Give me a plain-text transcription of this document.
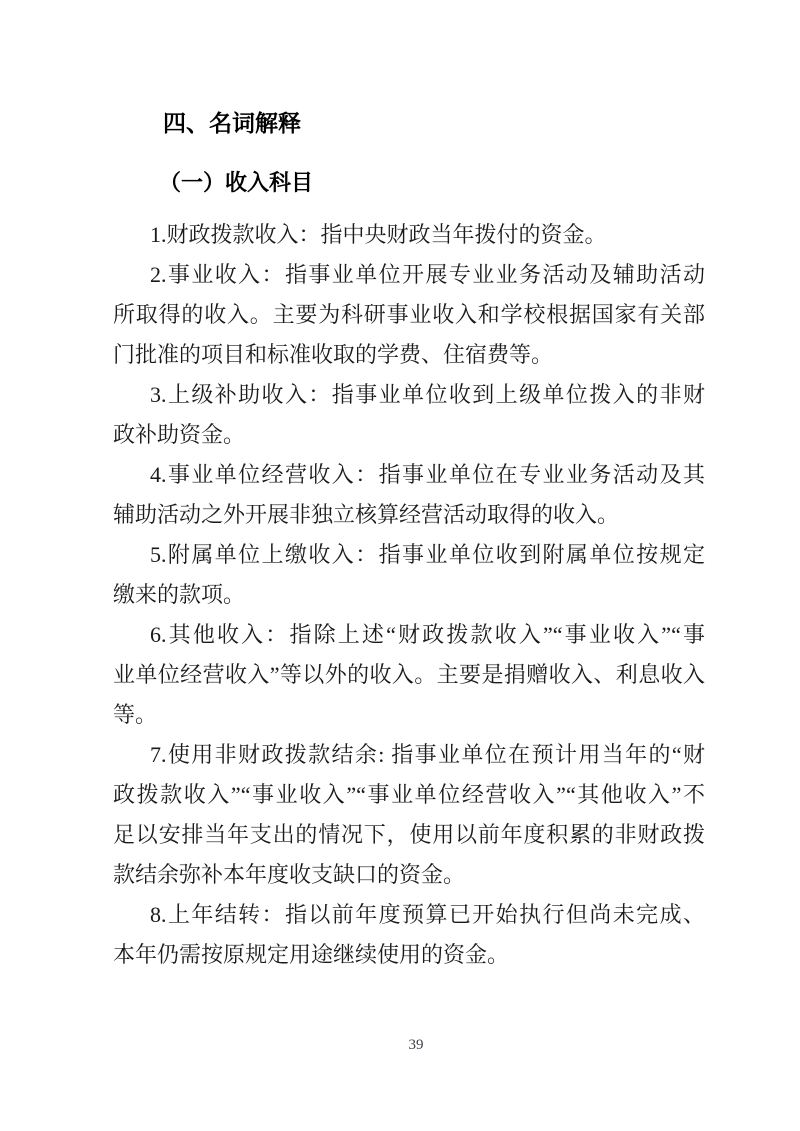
四、名词解释
（一）收入科目
1.财政拨款收入：指中央财政当年拨付的资金。
2.事业收入：指事业单位开展专业业务活动及辅助活动
所取得的收入。主要为科研事业收入和学校根据国家有关部
门批准的项目和标准收取的学费、住宿费等。
3.上级补助收入：指事业单位收到上级单位拨入的非财
政补助资金。
4.事业单位经营收入：指事业单位在专业业务活动及其
辅助活动之外开展非独立核算经营活动取得的收入。
5.附属单位上缴收入：指事业单位收到附属单位按规定
缴来的款项。
6.其他收入：指除上述“财政拨款收入”“事业收入”“事
业单位经营收入”等以外的收入。主要是捐赠收入、利息收入
等。
7.使用非财政拨款结余: 指事业单位在预计用当年的“财
政拨款收入”“事业收入”“事业单位经营收入”“其他收入”不
足以安排当年支出的情况下，使用以前年度积累的非财政拨
款结余弥补本年度收支缺口的资金。
8.上年结转：指以前年度预算已开始执行但尚未完成、
本年仍需按原规定用途继续使用的资金。
39
